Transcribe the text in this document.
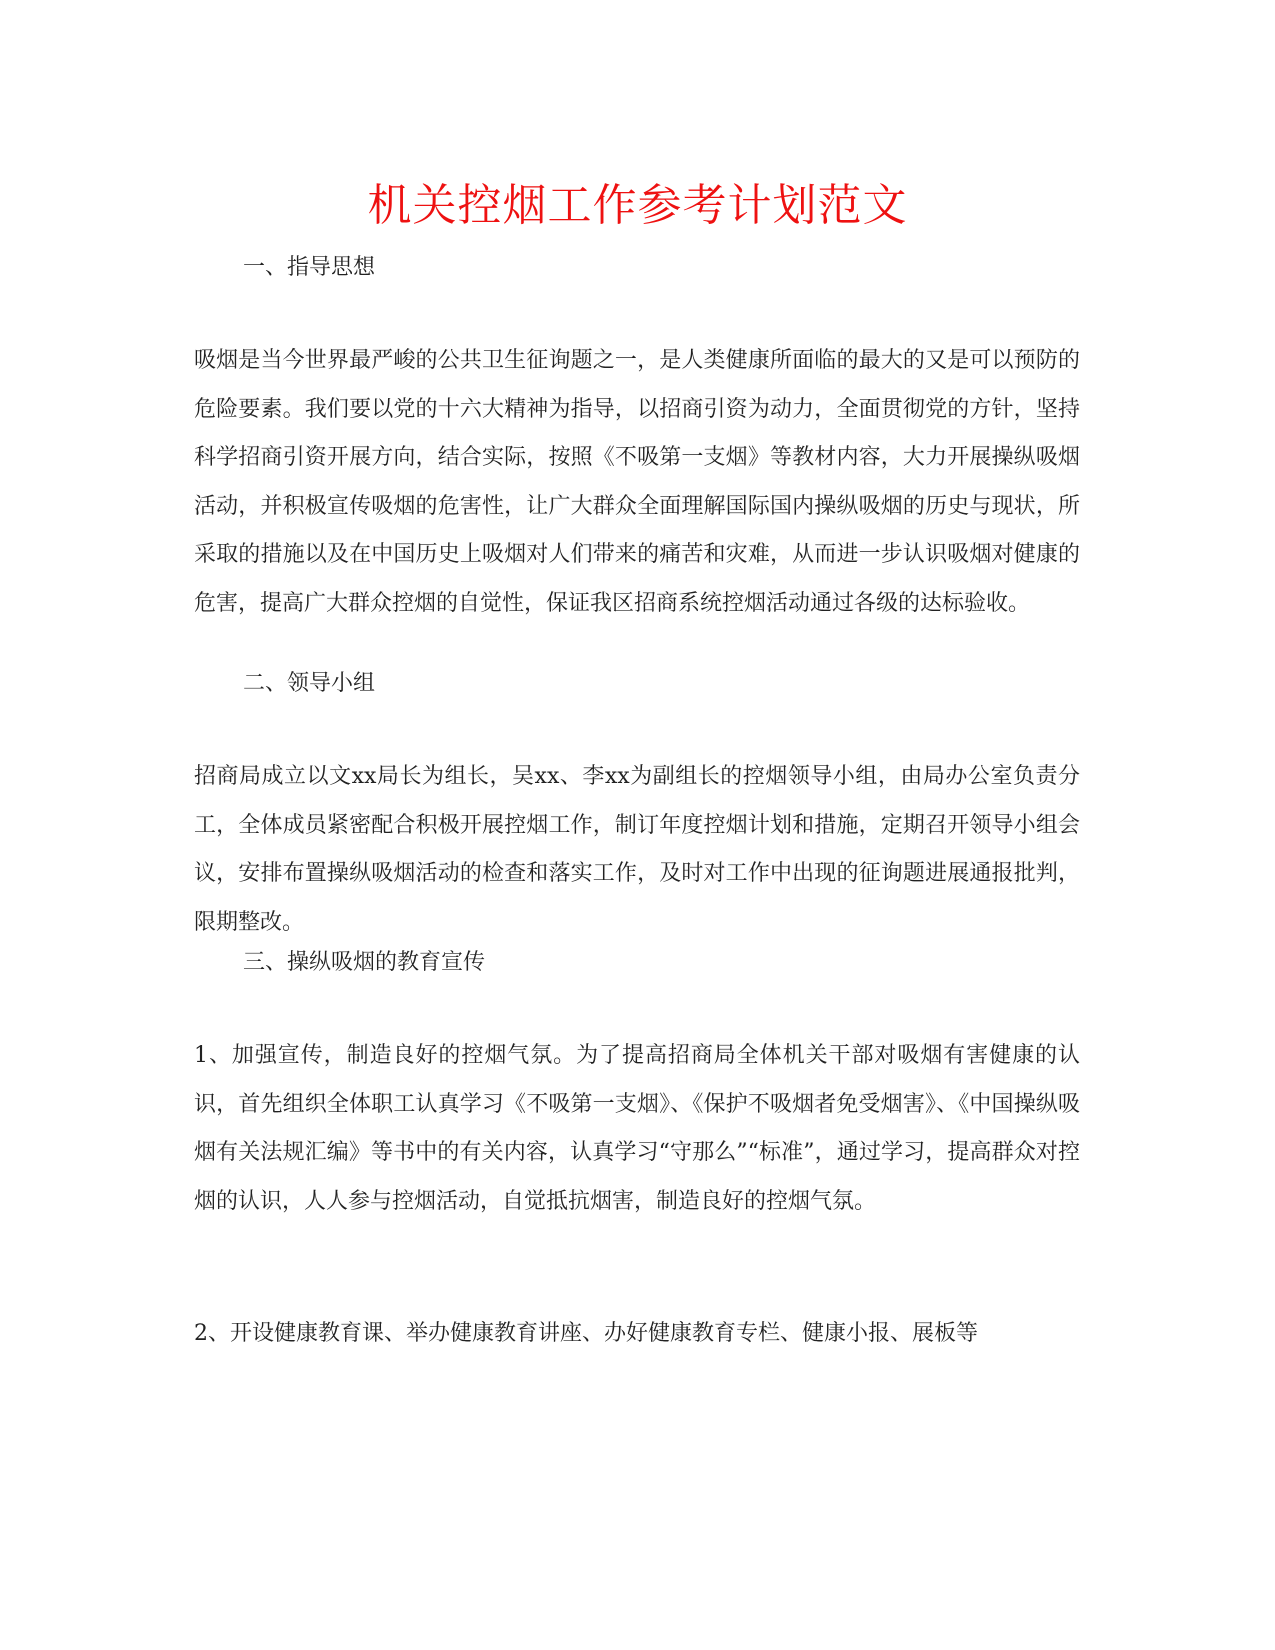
机关控烟工作参考计划范文
一、指导思想
吸烟是当今世界最严峻的公共卫生征询题之一，是人类健康所面临的最大的又是可以预防的危险要素。我们要以党的十六大精神为指导，以招商引资为动力，全面贯彻党的方针，坚持科学招商引资开展方向，结合实际，按照《不吸第一支烟》等教材内容，大力开展操纵吸烟活动，并积极宣传吸烟的危害性，让广大群众全面理解国际国内操纵吸烟的历史与现状，所采取的措施以及在中国历史上吸烟对人们带来的痛苦和灾难，从而进一步认识吸烟对健康的危害，提高广大群众控烟的自觉性，保证我区招商系统控烟活动通过各级的达标验收。
二、领导小组
招商局成立以文xx局长为组长，吴xx、李xx为副组长的控烟领导小组，由局办公室负责分工，全体成员紧密配合积极开展控烟工作，制订年度控烟计划和措施，定期召开领导小组会议，安排布置操纵吸烟活动的检查和落实工作，及时对工作中出现的征询题进展通报批判，限期整改。
三、操纵吸烟的教育宣传
1、加强宣传，制造良好的控烟气氛。为了提高招商局全体机关干部对吸烟有害健康的认识，首先组织全体职工认真学习《不吸第一支烟》、《保护不吸烟者免受烟害》、《中国操纵吸烟有关法规汇编》等书中的有关内容，认真学习“守那么”“标准”，通过学习，提高群众对控烟的认识，人人参与控烟活动，自觉抵抗烟害，制造良好的控烟气氛。
2、开设健康教育课、举办健康教育讲座、办好健康教育专栏、健康小报、展板等
